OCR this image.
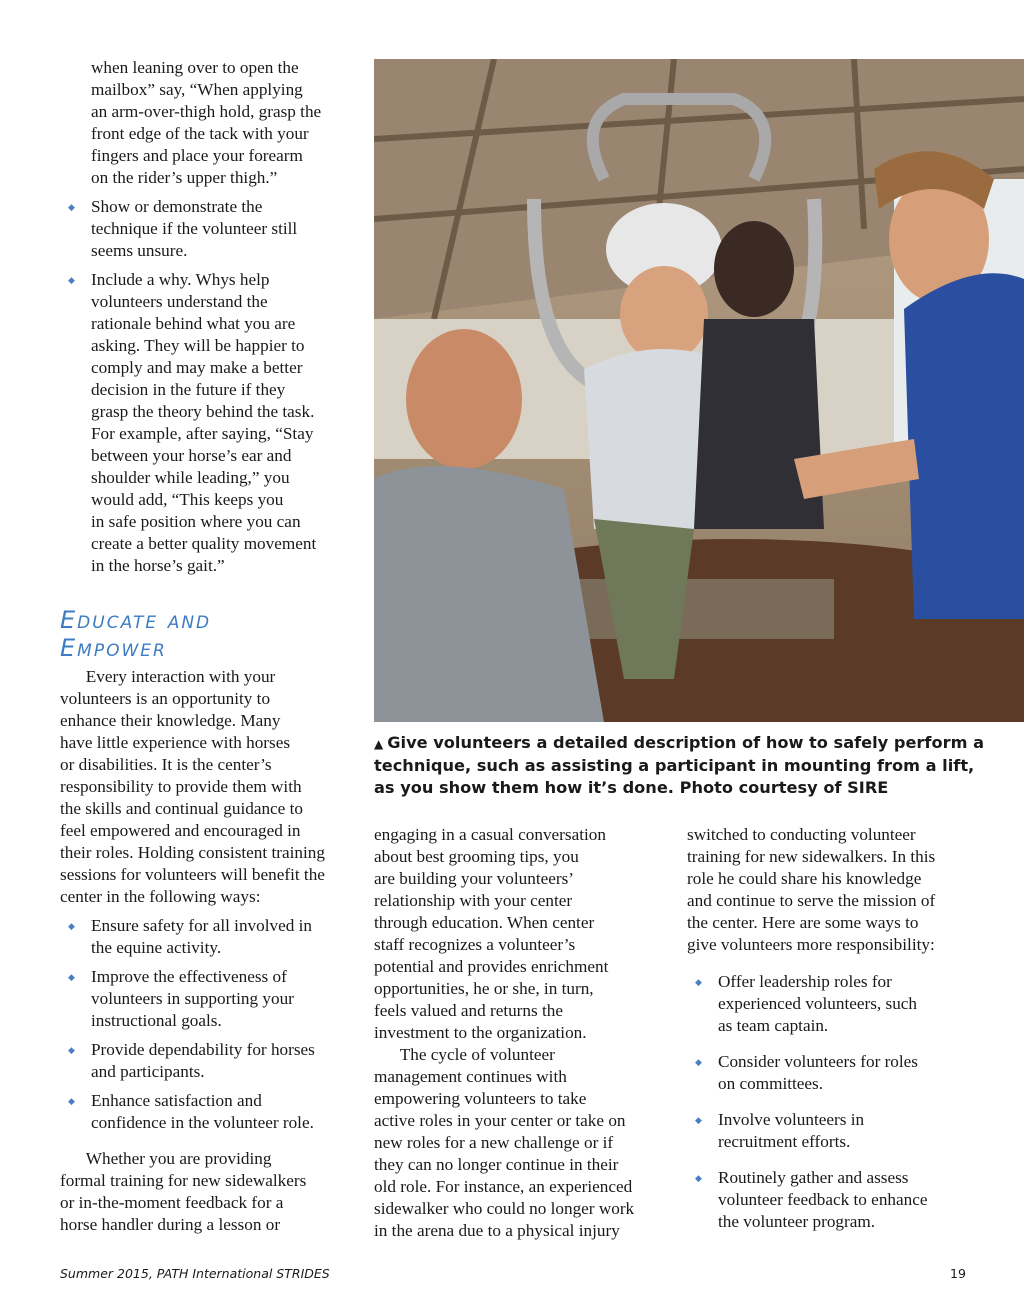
when leaning over to open the
mailbox” say, “When applying
an arm-over-thigh hold, grasp the
front edge of the tack with your
fingers and place your forearm
on the rider’s upper thigh.”

◆ Show or demonstrate the
technique if the volunteer still
seems unsure.
◆ Include a why. Whys help
volunteers understand the
rationale behind what you are
asking. They will be happier to
comply and may make a better
decision in the future if they
grasp the theory behind the task.
For example, after saying, “Stay
between your horse’s ear and
shoulder while leading,” you
would add, “This keeps you
in safe position where you can
create a better quality movement
in the horse’s gait.”
Educate and
Empower

  Every interaction with your
volunteers is an opportunity to
enhance their knowledge. Many
have little experience with horses
or disabilities. It is the center’s
responsibility to provide them with
the skills and continual guidance to
feel empowered and encouraged in
their roles. Holding consistent training
sessions for volunteers will benefit the
center in the following ways:

◆ Ensure safety for all involved in
the equine activity.
◆ Improve the effectiveness of
volunteers in supporting your
instructional goals.
◆ Provide dependability for horses
and participants.
◆ Enhance satisfaction and
confidence in the volunteer role.

  Whether you are providing
formal training for new sidewalkers
or in-the-moment feedback for a
horse handler during a lesson or

▲ Give volunteers a detailed description of how to safely perform a technique, such as assisting a participant in mounting from a lift, as you show them how it’s done. Photo courtesy of SIRE

engaging in a casual conversation
about best grooming tips, you
are building your volunteers’
relationship with your center
through education. When center
staff recognizes a volunteer’s
potential and provides enrichment
opportunities, he or she, in turn,
feels valued and returns the
investment to the organization.

  The cycle of volunteer
management continues with
empowering volunteers to take
active roles in your center or take on
new roles for a new challenge or if
they can no longer continue in their
old role. For instance, an experienced
sidewalker who could no longer work
in the arena due to a physical injury

switched to conducting volunteer
training for new sidewalkers. In this
role he could share his knowledge
and continue to serve the mission of
the center. Here are some ways to
give volunteers more responsibility:

◆ Offer leadership roles for
experienced volunteers, such
as team captain.
◆ Consider volunteers for roles
on committees.
◆ Involve volunteers in
recruitment efforts.
◆ Routinely gather and assess
volunteer feedback to enhance
the volunteer program.
Summer 2015, PATH International STRIDES	19
